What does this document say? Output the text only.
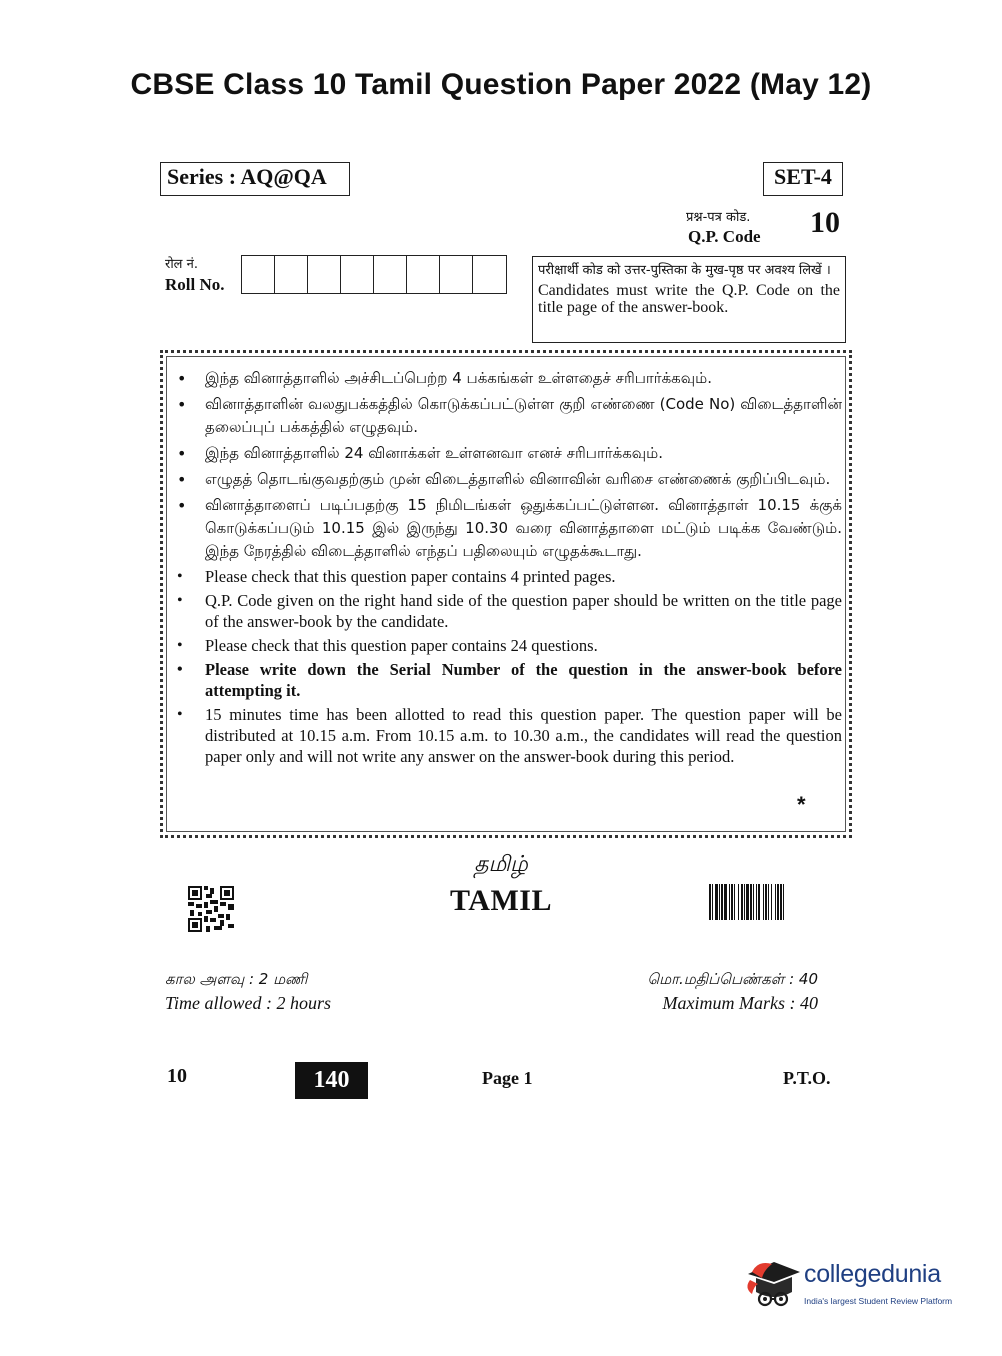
CBSE Class 10 Tamil Question Paper 2022 (May 12)
Series : AQ@QA	SET-4
प्रश्न-पत्र कोड.
Q.P. Code 10
रोल नं.
Roll No.
परीक्षार्थी कोड को उत्तर-पुस्तिका के मुख-पृष्ठ पर अवश्य लिखें ।
Candidates must write the Q.P. Code on the title page of the answer-book.
• இந்த வினாத்தாளில் அச்சிடப்பெற்ற 4 பக்கங்கள் உள்ளதைச் சரிபார்க்கவும்.
• வினாத்தாளின் வலதுபக்கத்தில் கொடுக்கப்பட்டுள்ள குறி எண்ணை (Code No) விடைத்தாளின் தலைப்புப் பக்கத்தில் எழுதவும்.
• இந்த வினாத்தாளில் 24 வினாக்கள் உள்ளனவா எனச் சரிபார்க்கவும்.
• எழுதத் தொடங்குவதற்கும் முன் விடைத்தாளில் வினாவின் வரிசை எண்ணைக் குறிப்பிடவும்.
• வினாத்தாளைப் படிப்பதற்கு 15 நிமிடங்கள் ஒதுக்கப்பட்டுள்ளன. வினாத்தாள் 10.15 க்குக் கொடுக்கப்படும் 10.15 இல் இருந்து 10.30 வரை வினாத்தாளை மட்டும் படிக்க வேண்டும். இந்த நேரத்தில் விடைத்தாளில் எந்தப் பதிலையும் எழுதக்கூடாது.
• Please check that this question paper contains 4 printed pages.
• Q.P. Code given on the right hand side of the question paper should be written on the title page of the answer-book by the candidate.
• Please check that this question paper contains 24 questions.
• Please write down the Serial Number of the question in the answer-book before attempting it.
• 15 minutes time has been allotted to read this question paper. The question paper will be distributed at 10.15 a.m. From 10.15 a.m. to 10.30 a.m., the candidates will read the question paper only and will not write any answer on the answer-book during this period.
*
தமிழ்
TAMIL
கால அளவு : 2 மணி
Time allowed : 2 hours
மொ.மதிப்பெண்கள் : 40
Maximum Marks : 40
10	140	Page 1	P.T.O.
collegedunia
India's largest Student Review Platform
